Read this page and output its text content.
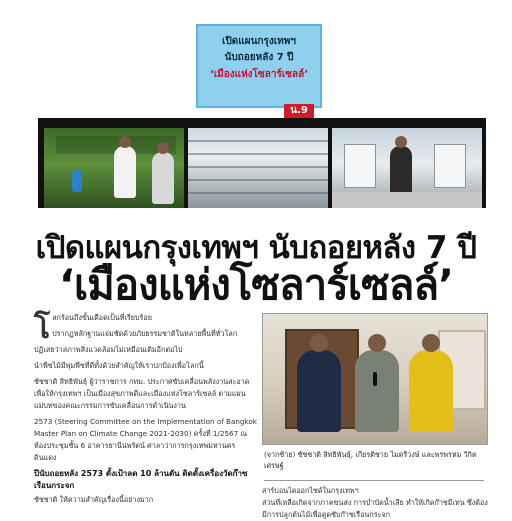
เปิดแผนกรุงเทพฯ
นับถอยหลัง 7 ปี
‘เมืองแห่งโซลาร์เซลล์’
น.9
เปิดแผนกรุงเทพฯ นับถอยหลัง 7 ปี
‘เมืองแห่งโซลาร์เซลล์’
โ ลกร้อนถึงขั้นเดือดเป็นที่เรียบร้อย

ปรากฏหลักฐานแจ่มชัดด้วยภัยธรรมชาติในหลายพื้นที่ทั่วโลก

ปฏิเสธว่าสภาพสิ่งแวดล้อมไม่เหมือนเดิมอีกต่อไป

นำพืชไม้มีพุ่มพืชที่ดีทั้งด้วยสำคัญให้เราปกป้องเพื่อโลกนี้

ชัชชาติ สิทธิพันธุ์ ผู้ว่าราชการ กทม. ประกาศขับเคลื่อนพลังงานสะอาด เพื่อให้กรุงเทพฯ เป็นเมืองสุขภาพดีและเมืองแห่งโซลาร์เซลล์ ตามแผนแม่บทของคณะกรรมการขับเคลื่อนการดำเนินงาน

2573 (Steering Committee on the Implementation of Bangkok Master Plan on Climate Change 2021-2030) ครั้งที่ 1/2567 ณ ห้องประชุมชั้น 6 อาคารธานีนพรัตน์ ศาลาว่าการกรุงเทพมหานคร ดินแดง

ปีนับถอยหลัง 2573 ตั้งเป้าลด 10 ล้านตัน ติดตั้งเครื่องวัดก๊าซเรือนกระจก

ชัชชาติ ให้ความสำคัญเรื่องนี้อย่างมาก

(จากซ้าย) ชัชชาติ สิทธิพันธุ์, เกียรติชาย ไมตรีวงษ์ และพรพรหม วิกิตเศรษฐ์
สาร์บอนไดออกไซด์ในกรุงเทพฯ
ส่วนที่เหลือเกิดจากภาคขนส่ง การบำบัดน้ำเสีย ทำให้เกิดก๊าซมีเทน ซึ่งต้องมีการปลูกต้นไม้เพื่อดูดซับก๊าซเรือนกระจก
